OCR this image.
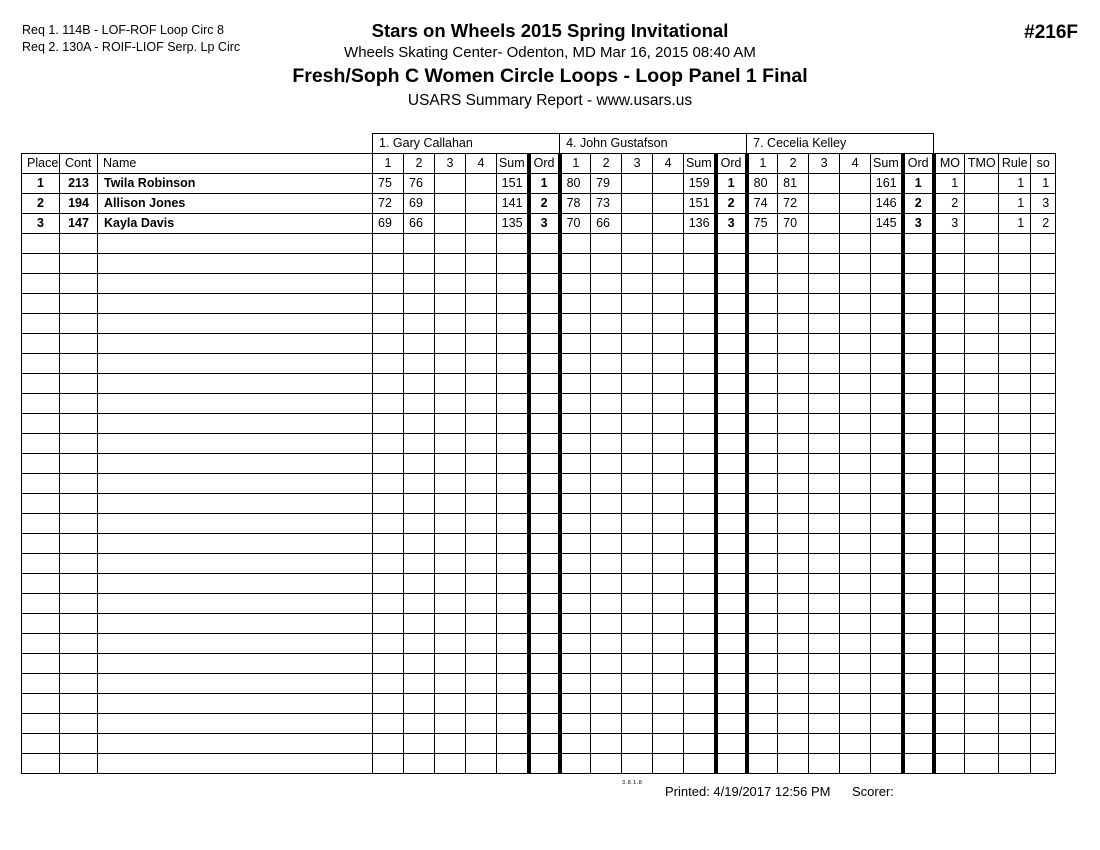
Req 1. 114B - LOF-ROF Loop Circ 8
Req 2. 130A - ROIF-LIOF Serp. Lp Circ
#216F
Stars on Wheels 2015 Spring Invitational
Wheels Skating Center- Odenton, MD Mar 16, 2015 08:40 AM
Fresh/Soph C Women Circle Loops - Loop Panel 1 Final
USARS Summary Report - www.usars.us
			1. Gary Callahan						4. John Gustafson						7. Cecelia Kelley									
Place	Cont	Name	1	2	3	4	Sum	Ord	1	2	3	4	Sum	Ord	1	2	3	4	Sum	Ord	MO	TMO	Rule	so
1	213	Twila Robinson	75	76			151	1	80	79			159	1	80	81			161	1	1		1	1
2	194	Allison Jones	72	69			141	2	78	73			151	2	74	72			146	2	2		1	3
3	147	Kayla Davis	69	66			135	3	70	66			136	3	75	70			145	3	3		1	2

3.8.1.8
Printed: 4/19/2017 12:56 PM Scorer:
